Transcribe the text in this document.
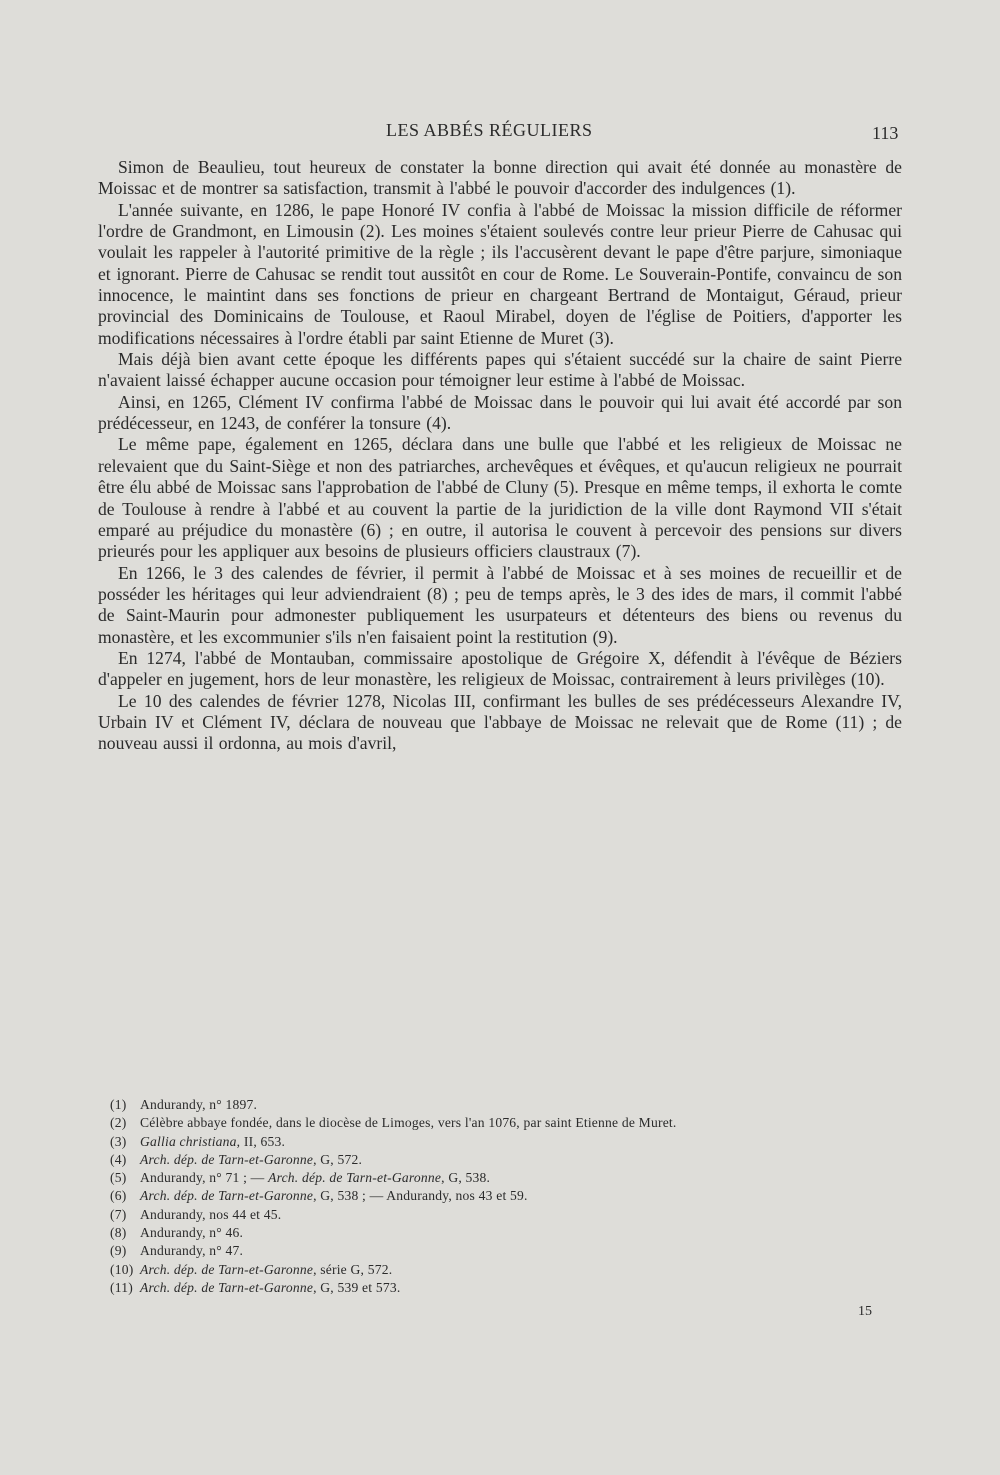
LES ABBÉS RÉGULIERS	113

Simon de Beaulieu, tout heureux de constater la bonne direction qui avait été donnée au monastère de Moissac et de montrer sa satisfaction, transmit à l'abbé le pouvoir d'accorder des indulgences (1).

L'année suivante, en 1286, le pape Honoré IV confia à l'abbé de Moissac la mission difficile de réformer l'ordre de Grandmont, en Limousin (2). Les moines s'étaient soulevés contre leur prieur Pierre de Cahusac qui voulait les rappeler à l'autorité primitive de la règle ; ils l'accusèrent devant le pape d'être parjure, simoniaque et ignorant. Pierre de Cahusac se rendit tout aussitôt en cour de Rome. Le Souverain-Pontife, convaincu de son innocence, le maintint dans ses fonctions de prieur en chargeant Bertrand de Montaigut, Géraud, prieur provincial des Dominicains de Toulouse, et Raoul Mirabel, doyen de l'église de Poitiers, d'apporter les modifications nécessaires à l'ordre établi par saint Etienne de Muret (3).

Mais déjà bien avant cette époque les différents papes qui s'étaient succédé sur la chaire de saint Pierre n'avaient laissé échapper aucune occasion pour témoigner leur estime à l'abbé de Moissac.

Ainsi, en 1265, Clément IV confirma l'abbé de Moissac dans le pouvoir qui lui avait été accordé par son prédécesseur, en 1243, de conférer la tonsure (4).

Le même pape, également en 1265, déclara dans une bulle que l'abbé et les religieux de Moissac ne relevaient que du Saint-Siège et non des patriarches, archevêques et évêques, et qu'aucun religieux ne pourrait être élu abbé de Moissac sans l'approbation de l'abbé de Cluny (5). Presque en même temps, il exhorta le comte de Toulouse à rendre à l'abbé et au couvent la partie de la juridiction de la ville dont Raymond VII s'était emparé au préjudice du monastère (6) ; en outre, il autorisa le couvent à percevoir des pensions sur divers prieurés pour les appliquer aux besoins de plusieurs officiers claustraux (7).

En 1266, le 3 des calendes de février, il permit à l'abbé de Moissac et à ses moines de recueillir et de posséder les héritages qui leur adviendraient (8) ; peu de temps après, le 3 des ides de mars, il commit l'abbé de Saint-Maurin pour admonester publiquement les usurpateurs et détenteurs des biens ou revenus du monastère, et les excommunier s'ils n'en faisaient point la restitution (9).

En 1274, l'abbé de Montauban, commissaire apostolique de Grégoire X, défendit à l'évêque de Béziers d'appeler en jugement, hors de leur monastère, les religieux de Moissac, contrairement à leurs privilèges (10).

Le 10 des calendes de février 1278, Nicolas III, confirmant les bulles de ses prédécesseurs Alexandre IV, Urbain IV et Clément IV, déclara de nouveau que l'abbaye de Moissac ne relevait que de Rome (11) ; de nouveau aussi il ordonna, au mois d'avril,

(1) Andurandy, n° 1897.
(2) Célèbre abbaye fondée, dans le diocèse de Limoges, vers l'an 1076, par saint Etienne de Muret.
(3) Gallia christiana, II, 653.
(4) Arch. dép. de Tarn-et-Garonne, G, 572.
(5) Andurandy, n° 71 ; — Arch. dép. de Tarn-et-Garonne, G, 538.
(6) Arch. dép. de Tarn-et-Garonne, G, 538 ; — Andurandy, nos 43 et 59.
(7) Andurandy, nos 44 et 45.
(8) Andurandy, n° 46.
(9) Andurandy, n° 47.
(10) Arch. dép. de Tarn-et-Garonne, série G, 572.
(11) Arch. dép. de Tarn-et-Garonne, G, 539 et 573.
15
